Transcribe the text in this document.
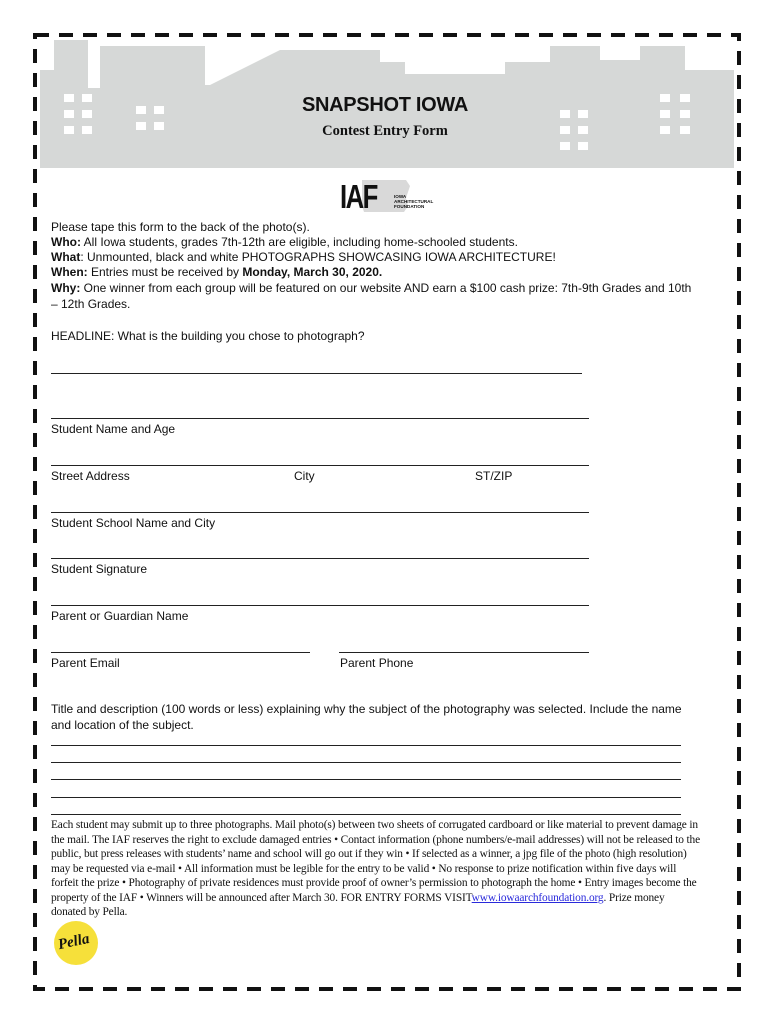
SNAPSHOT IOWA
Contest Entry Form
IAF	IOWA
ARCHITECTURAL
FOUNDATION
Please tape this form to the back of the photo(s).
Who: All Iowa students, grades 7th-12th are eligible, including home-schooled students.
What: Unmounted, black and white PHOTOGRAPHS SHOWCASING IOWA ARCHITECTURE!
When: Entries must be received by Monday, March 30, 2020.
Why: One winner from each group will be featured on our website AND earn a $100 cash prize: 7th-9th Grades and 10th – 12th Grades.
HEADLINE: What is the building you chose to photograph?
Student Name and Age
Street Address	City	ST/ZIP
Student School Name and City
Student Signature
Parent or Guardian Name
Parent Email	Parent Phone
Title and description (100 words or less) explaining why the subject of the photography was selected. Include the name and location of the subject.
Each student may submit up to three photographs. Mail photo(s) between two sheets of corrugated cardboard or like material to prevent damage in the mail. The IAF reserves the right to exclude damaged entries • Contact information (phone numbers/e-mail addresses) will not be released to the public, but press releases with students’ name and school will go out if they win • If selected as a winner, a jpg file of the photo (high resolution) may be requested via e-mail • All information must be legible for the entry to be valid • No response to prize notification within five days will forfeit the prize • Photography of private residences must provide proof of owner’s permission to photograph the home • Entry images become the property of the IAF • Winners will be announced after March 30. FOR ENTRY FORMS VISITwww.iowaarchfoundation.org. Prize money donated by Pella.
Pella
